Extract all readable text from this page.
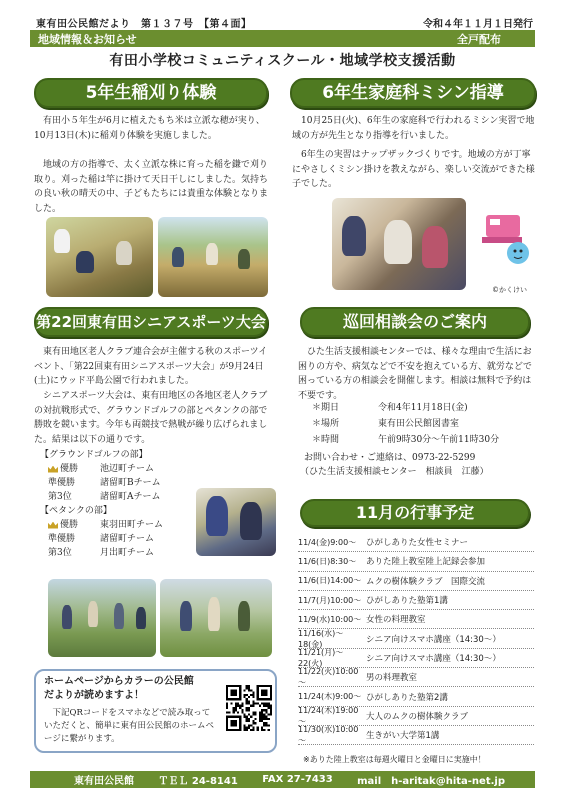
東有田公民館だより　第１３７号　【第４面】	令和４年１１月１日発行
地域情報＆お知らせ	全戸配布
有田小学校コミュニティスクール・地域学校支援活動
5年生稲刈り体験
有田小５年生が6月に植えたもち米は立派な穂が実り、10月13日(木)に稲刈り体験を実施しました。
地域の方の指導で、太く立派な株に育った稲を鎌で刈り取り。刈った稲は竿に掛けて天日干しにしました。気持ちの良い秋の晴天の中、子どもたちには貴重な体験となりました。
6年生家庭科ミシン指導
10月25日(火)、6年生の家庭科で行われるミシン実習で地域の方が先生となり指導を行いました。
6年生の実習はナップザックづくりです。地域の方が丁寧にやさしくミシン掛けを教えながら、楽しい交流ができた様子でした。
©かくけい
第22回東有田シニアスポーツ大会
東有田地区老人クラブ連合会が主催する秋のスポーツイベント、「第22回東有田シニアスポーツ大会」が9月24日(土)にウッド平島公園で行われました。
シニアスポーツ大会は、東有田地区の各地区老人クラブの対抗戦形式で、グラウンドゴルフの部とペタンクの部で勝敗を競います。今年も両競技で熱戦が繰り広げられました。結果は以下の通りです。
【グラウンドゴルフの部】
優勝 池辺町チーム
準優勝	諸留町Bチーム
第3位	諸留町Aチーム
【ペタンクの部】
優勝 東羽田町チーム
準優勝	諸留町チーム
第3位	月出町チーム
巡回相談会のご案内
ひた生活支援相談センターでは、様々な理由で生活にお困りの方や、病気などで不安を抱えている方、就労などで困っている方の相談会を開催します。相談は無料で予約は不要です。
＊期日	令和4年11月18日(金)
＊場所	東有田公民館図書室
＊時間	午前9時30分～午前11時30分
お問い合わせ・ご連絡は、0973-22-5299
（ひた生活支援相談センター　相談員　江藤）
11月の行事予定
11/4(金)9:00～	ひがしありた女性セミナー
11/6(日)8:30～	ありた陸上教室陸上記録会参加
11/6(日)14:00～ ムクの樹体験クラブ　国際交流
11/7(月)10:00～ ひがしありた塾第1講
11/9(水)10:00～ 女性の料理教室
11/16(水)～18(金)	シニア向けスマホ講座（14:30～）
11/21(月)～22(火)	シニア向けスマホ講座（14:30～）
11/22(火)10:00～	男の料理教室
11/24(木)9:00～ ひがしありた塾第2講
11/24(木)19:00～	大人のムクの樹体験クラブ
11/30(水)10:00～	生きがい大学第1講
※ありた陸上教室は毎週火曜日と金曜日に実施中！
ホームページからカラーの公民館
だよりが読めますよ！
下記QRコードをスマホなどで読み取っていただくと、簡単に東有田公民館のホームページに繋がります。
東有田公民館 ＴＥＬ 24-8141 FAX 27-7433 mail　h-aritak@hita-net.jp
